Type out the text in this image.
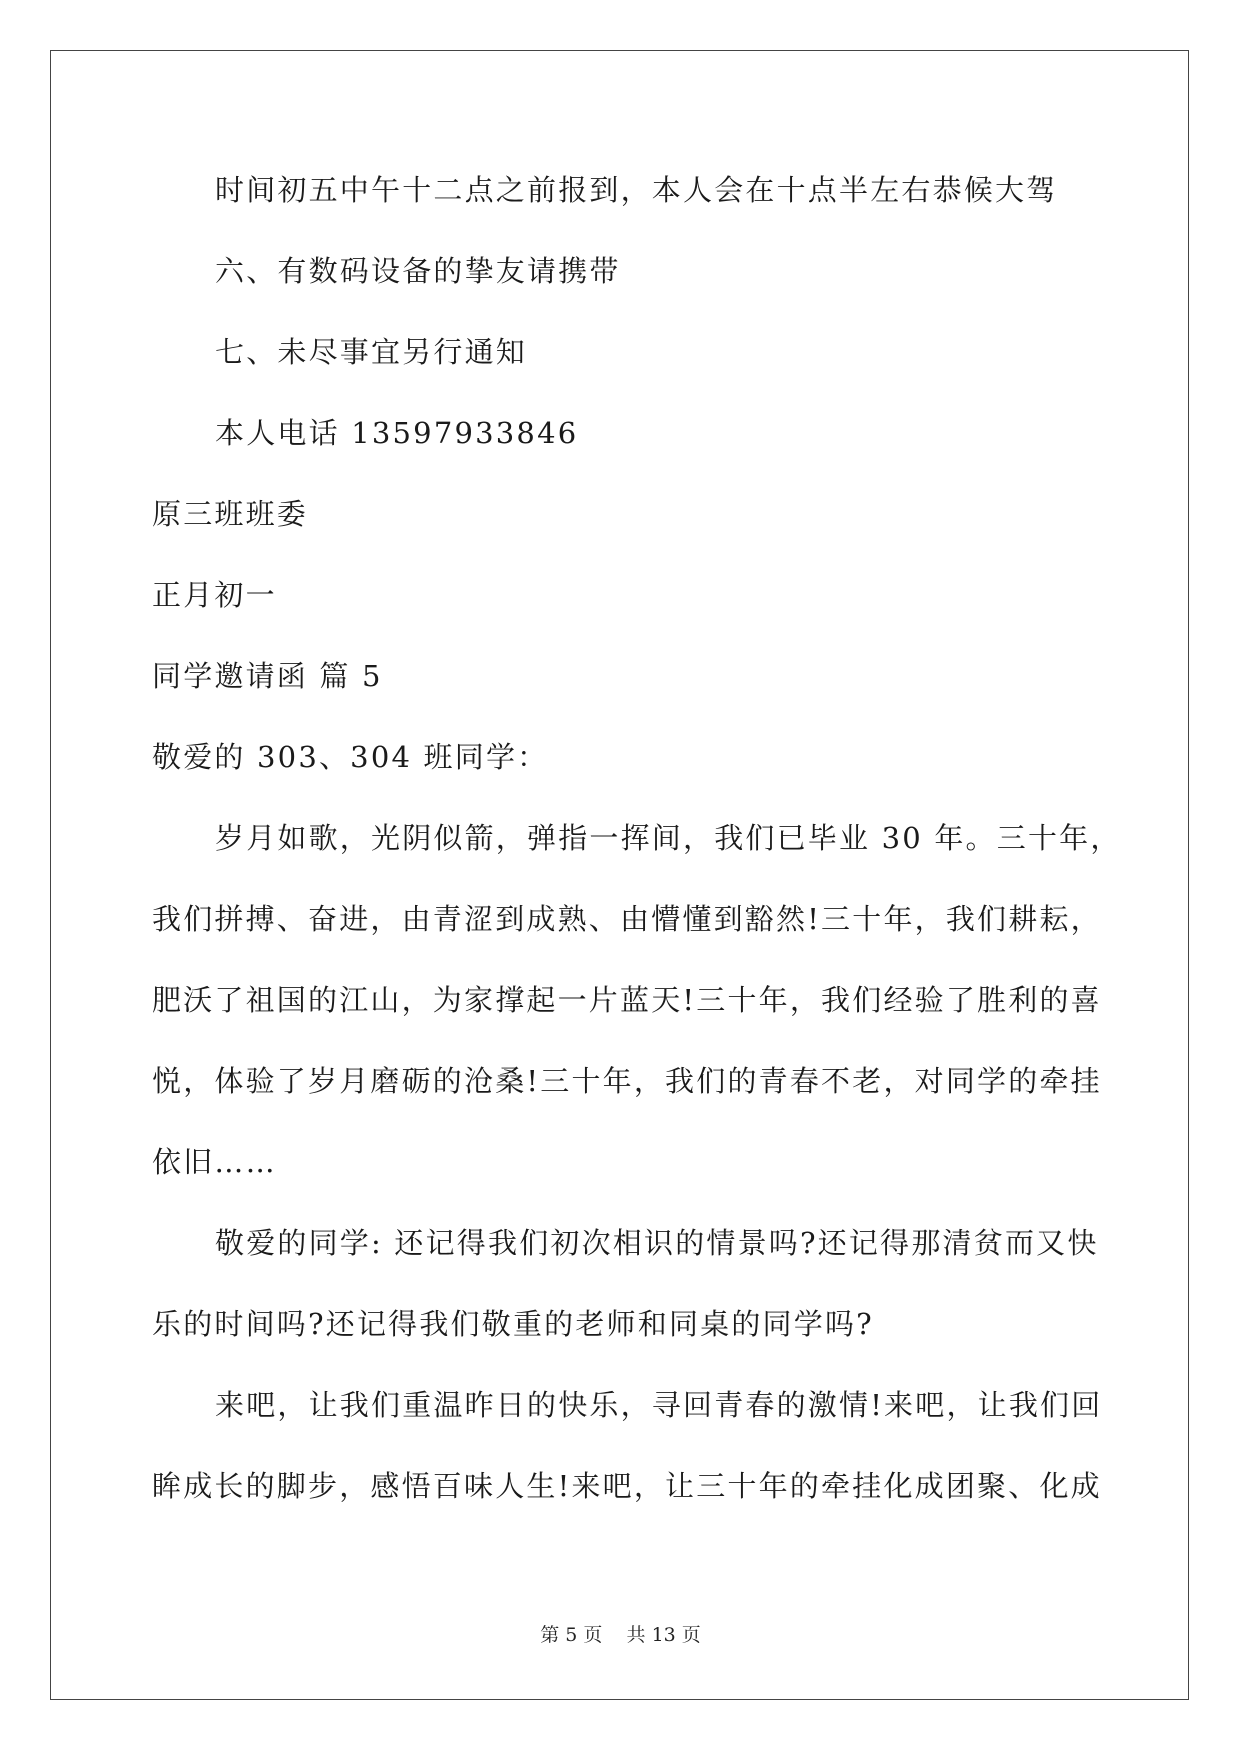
时间初五中午十二点之前报到，本人会在十点半左右恭候大驾
六、有数码设备的挚友请携带
七、未尽事宜另行通知
本人电话 13597933846
原三班班委
正月初一
同学邀请函 篇 5
敬爱的 303、304 班同学：
岁月如歌，光阴似箭，弹指一挥间，我们已毕业 30 年。三十年，
我们拼搏、奋进，由青涩到成熟、由懵懂到豁然!三十年，我们耕耘，
肥沃了祖国的江山，为家撑起一片蓝天!三十年，我们经验了胜利的喜
悦，体验了岁月磨砺的沧桑!三十年，我们的青春不老，对同学的牵挂
依旧……
敬爱的同学: 还记得我们初次相识的情景吗?还记得那清贫而又快
乐的时间吗?还记得我们敬重的老师和同桌的同学吗?
来吧，让我们重温昨日的快乐，寻回青春的激情!来吧，让我们回
眸成长的脚步，感悟百味人生!来吧，让三十年的牵挂化成团聚、化成
第 5 页 共 13 页
